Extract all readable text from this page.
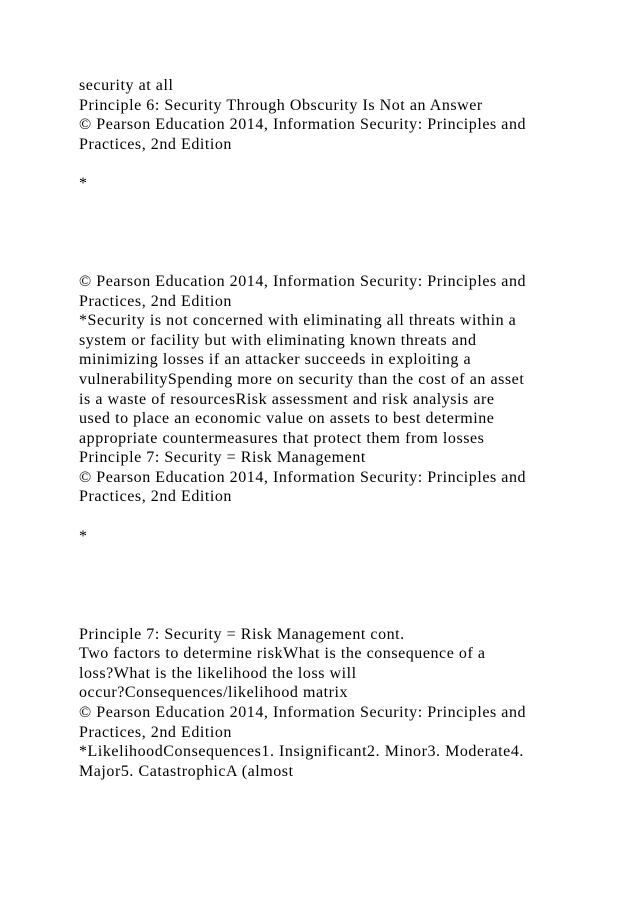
security at all
Principle 6: Security Through Obscurity Is Not an Answer
© Pearson Education 2014, Information Security: Principles and
Practices, 2nd Edition
*
© Pearson Education 2014, Information Security: Principles and
Practices, 2nd Edition
*Security is not concerned with eliminating all threats within a
system or facility but with eliminating known threats and
minimizing losses if an attacker succeeds in exploiting a
vulnerabilitySpending more on security than the cost of an asset
is a waste of resourcesRisk assessment and risk analysis are
used to place an economic value on assets to best determine
appropriate countermeasures that protect them from losses
Principle 7: Security = Risk Management
© Pearson Education 2014, Information Security: Principles and
Practices, 2nd Edition
*
Principle 7: Security = Risk Management cont.
Two factors to determine riskWhat is the consequence of a
loss?What is the likelihood the loss will
occur?Consequences/likelihood matrix
© Pearson Education 2014, Information Security: Principles and
Practices, 2nd Edition
*LikelihoodConsequences1. Insignificant2. Minor3. Moderate4.
Major5. CatastrophicA (almost
